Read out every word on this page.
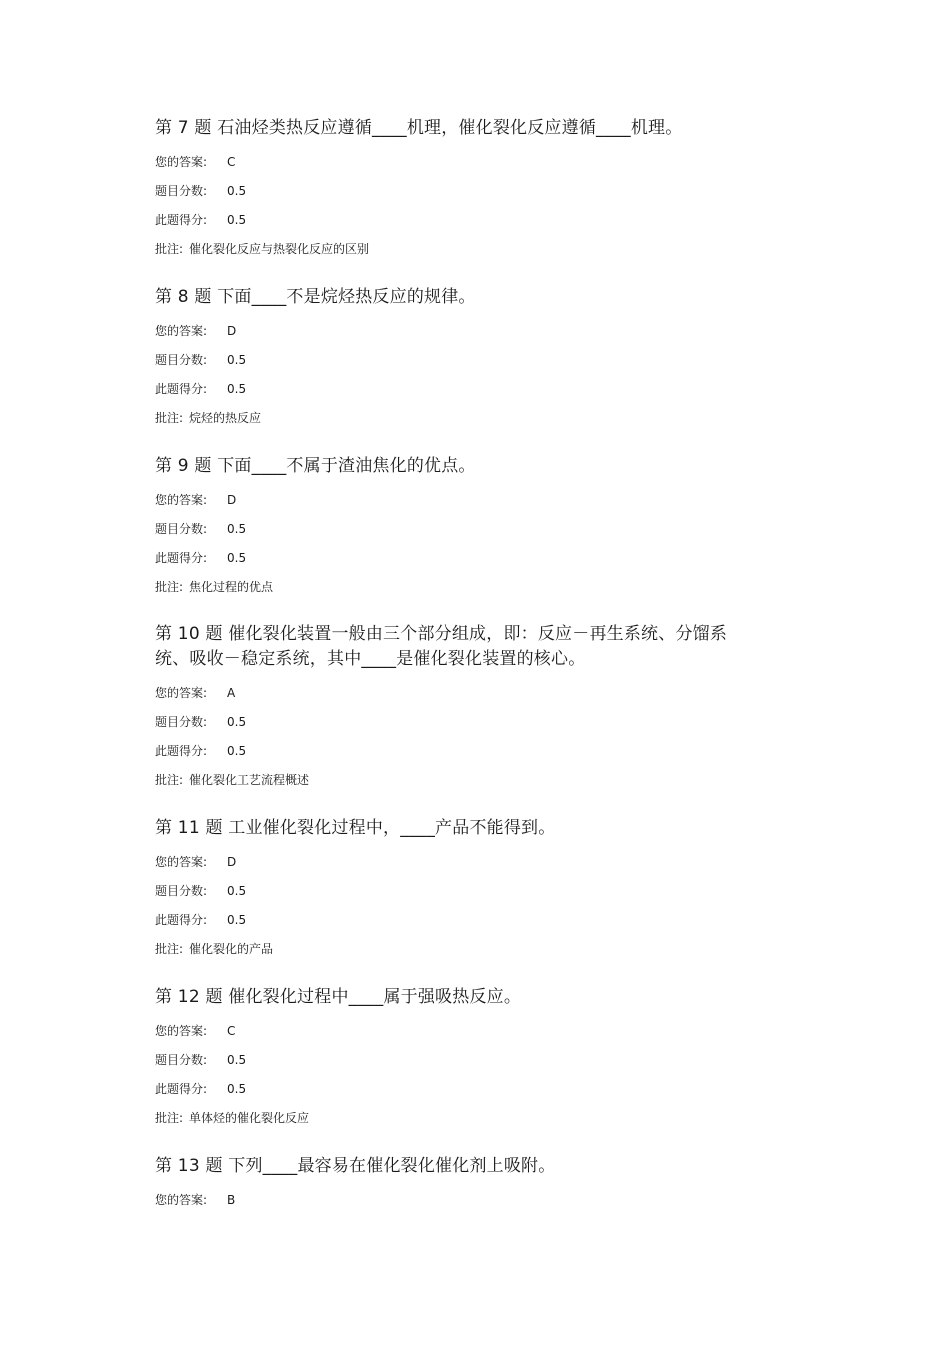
第 7 题 石油烃类热反应遵循____机理，催化裂化反应遵循____机理。
您的答案: C
题目分数: 0.5
此题得分: 0.5
批注: 催化裂化反应与热裂化反应的区别
第 8 题 下面____不是烷烃热反应的规律。
您的答案: D
题目分数: 0.5
此题得分: 0.5
批注: 烷烃的热反应
第 9 题 下面____不属于渣油焦化的优点。
您的答案: D
题目分数: 0.5
此题得分: 0.5
批注: 焦化过程的优点
第 10 题 催化裂化装置一般由三个部分组成，即：反应－再生系统、分馏系统、吸收－稳定系统，其中____是催化裂化装置的核心。
您的答案: A
题目分数: 0.5
此题得分: 0.5
批注: 催化裂化工艺流程概述
第 11 题 工业催化裂化过程中，____产品不能得到。
您的答案: D
题目分数: 0.5
此题得分: 0.5
批注: 催化裂化的产品
第 12 题 催化裂化过程中____属于强吸热反应。
您的答案: C
题目分数: 0.5
此题得分: 0.5
批注: 单体烃的催化裂化反应
第 13 题 下列____最容易在催化裂化催化剂上吸附。
您的答案: B
